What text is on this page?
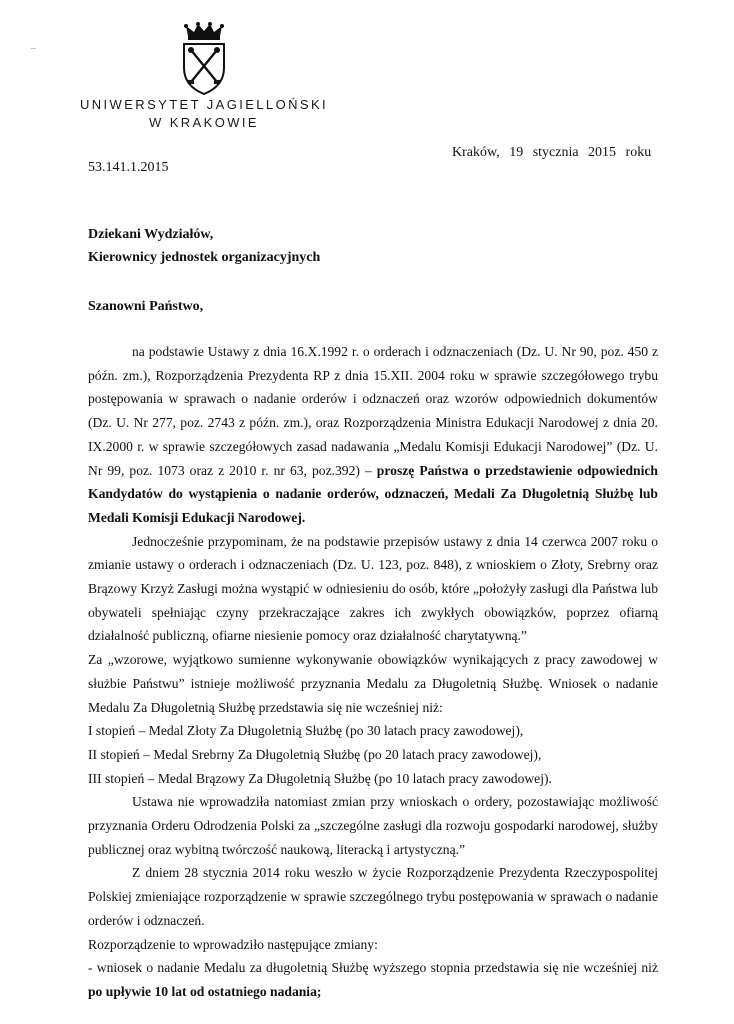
~
UNIWERSYTET JAGIELLOŃSKI
W KRAKOWIE
Kraków, 19 stycznia 2015 roku
53.141.1.2015
Dziekani Wydziałów,
Kierownicy jednostek organizacyjnych
Szanowni Państwo,

na podstawie Ustawy z dnia 16.X.1992 r. o orderach i odznaczeniach (Dz. U. Nr 90, poz. 450 z późn. zm.), Rozporządzenia Prezydenta RP z dnia 15.XII. 2004 roku w sprawie szczegółowego trybu postępowania w sprawach o nadanie orderów i odznaczeń oraz wzorów odpowiednich dokumentów (Dz. U. Nr 277, poz. 2743 z późn. zm.), oraz Rozporządzenia Ministra Edukacji Narodowej z dnia 20. IX.2000 r. w sprawie szczegółowych zasad nadawania „Medalu Komisji Edukacji Narodowej” (Dz. U. Nr 99, poz. 1073 oraz z 2010 r. nr 63, poz.392) – proszę Państwa o przedstawienie odpowiednich Kandydatów do wystąpienia o nadanie orderów, odznaczeń, Medali Za Długoletnią Służbę lub Medali Komisji Edukacji Narodowej.

Jednocześnie przypominam, że na podstawie przepisów ustawy z dnia 14 czerwca 2007 roku o zmianie ustawy o orderach i odznaczeniach (Dz. U. 123, poz. 848), z wnioskiem o Złoty, Srebrny oraz Brązowy Krzyż Zasługi można wystąpić w odniesieniu do osób, które „położyły zasługi dla Państwa lub obywateli spełniając czyny przekraczające zakres ich zwykłych obowiązków, poprzez ofiarną działalność publiczną, ofiarne niesienie pomocy oraz działalność charytatywną.”

Za „wzorowe, wyjątkowo sumienne wykonywanie obowiązków wynikających z pracy zawodowej w służbie Państwu” istnieje możliwość przyznania Medalu za Długoletnią Służbę. Wniosek o nadanie Medalu Za Długoletnią Służbę przedstawia się nie wcześniej niż:

I stopień – Medal Złoty Za Długoletnią Służbę (po 30 latach pracy zawodowej),

II stopień – Medal Srebrny Za Długoletnią Służbę (po 20 latach pracy zawodowej),

III stopień – Medal Brązowy Za Długoletnią Służbę (po 10 latach pracy zawodowej).

Ustawa nie wprowadziła natomiast zmian przy wnioskach o ordery, pozostawiając możliwość przyznania Orderu Odrodzenia Polski za „szczególne zasługi dla rozwoju gospodarki narodowej, służby publicznej oraz wybitną twórczość naukową, literacką i artystyczną.”

Z dniem 28 stycznia 2014 roku weszło w życie Rozporządzenie Prezydenta Rzeczypospolitej Polskiej zmieniające rozporządzenie w sprawie szczególnego trybu postępowania w sprawach o nadanie orderów i odznaczeń.

Rozporządzenie to wprowadziło następujące zmiany:

- wniosek o nadanie Medalu za długoletnią Służbę wyższego stopnia przedstawia się nie wcześniej niż po upływie 10 lat od ostatniego nadania;
